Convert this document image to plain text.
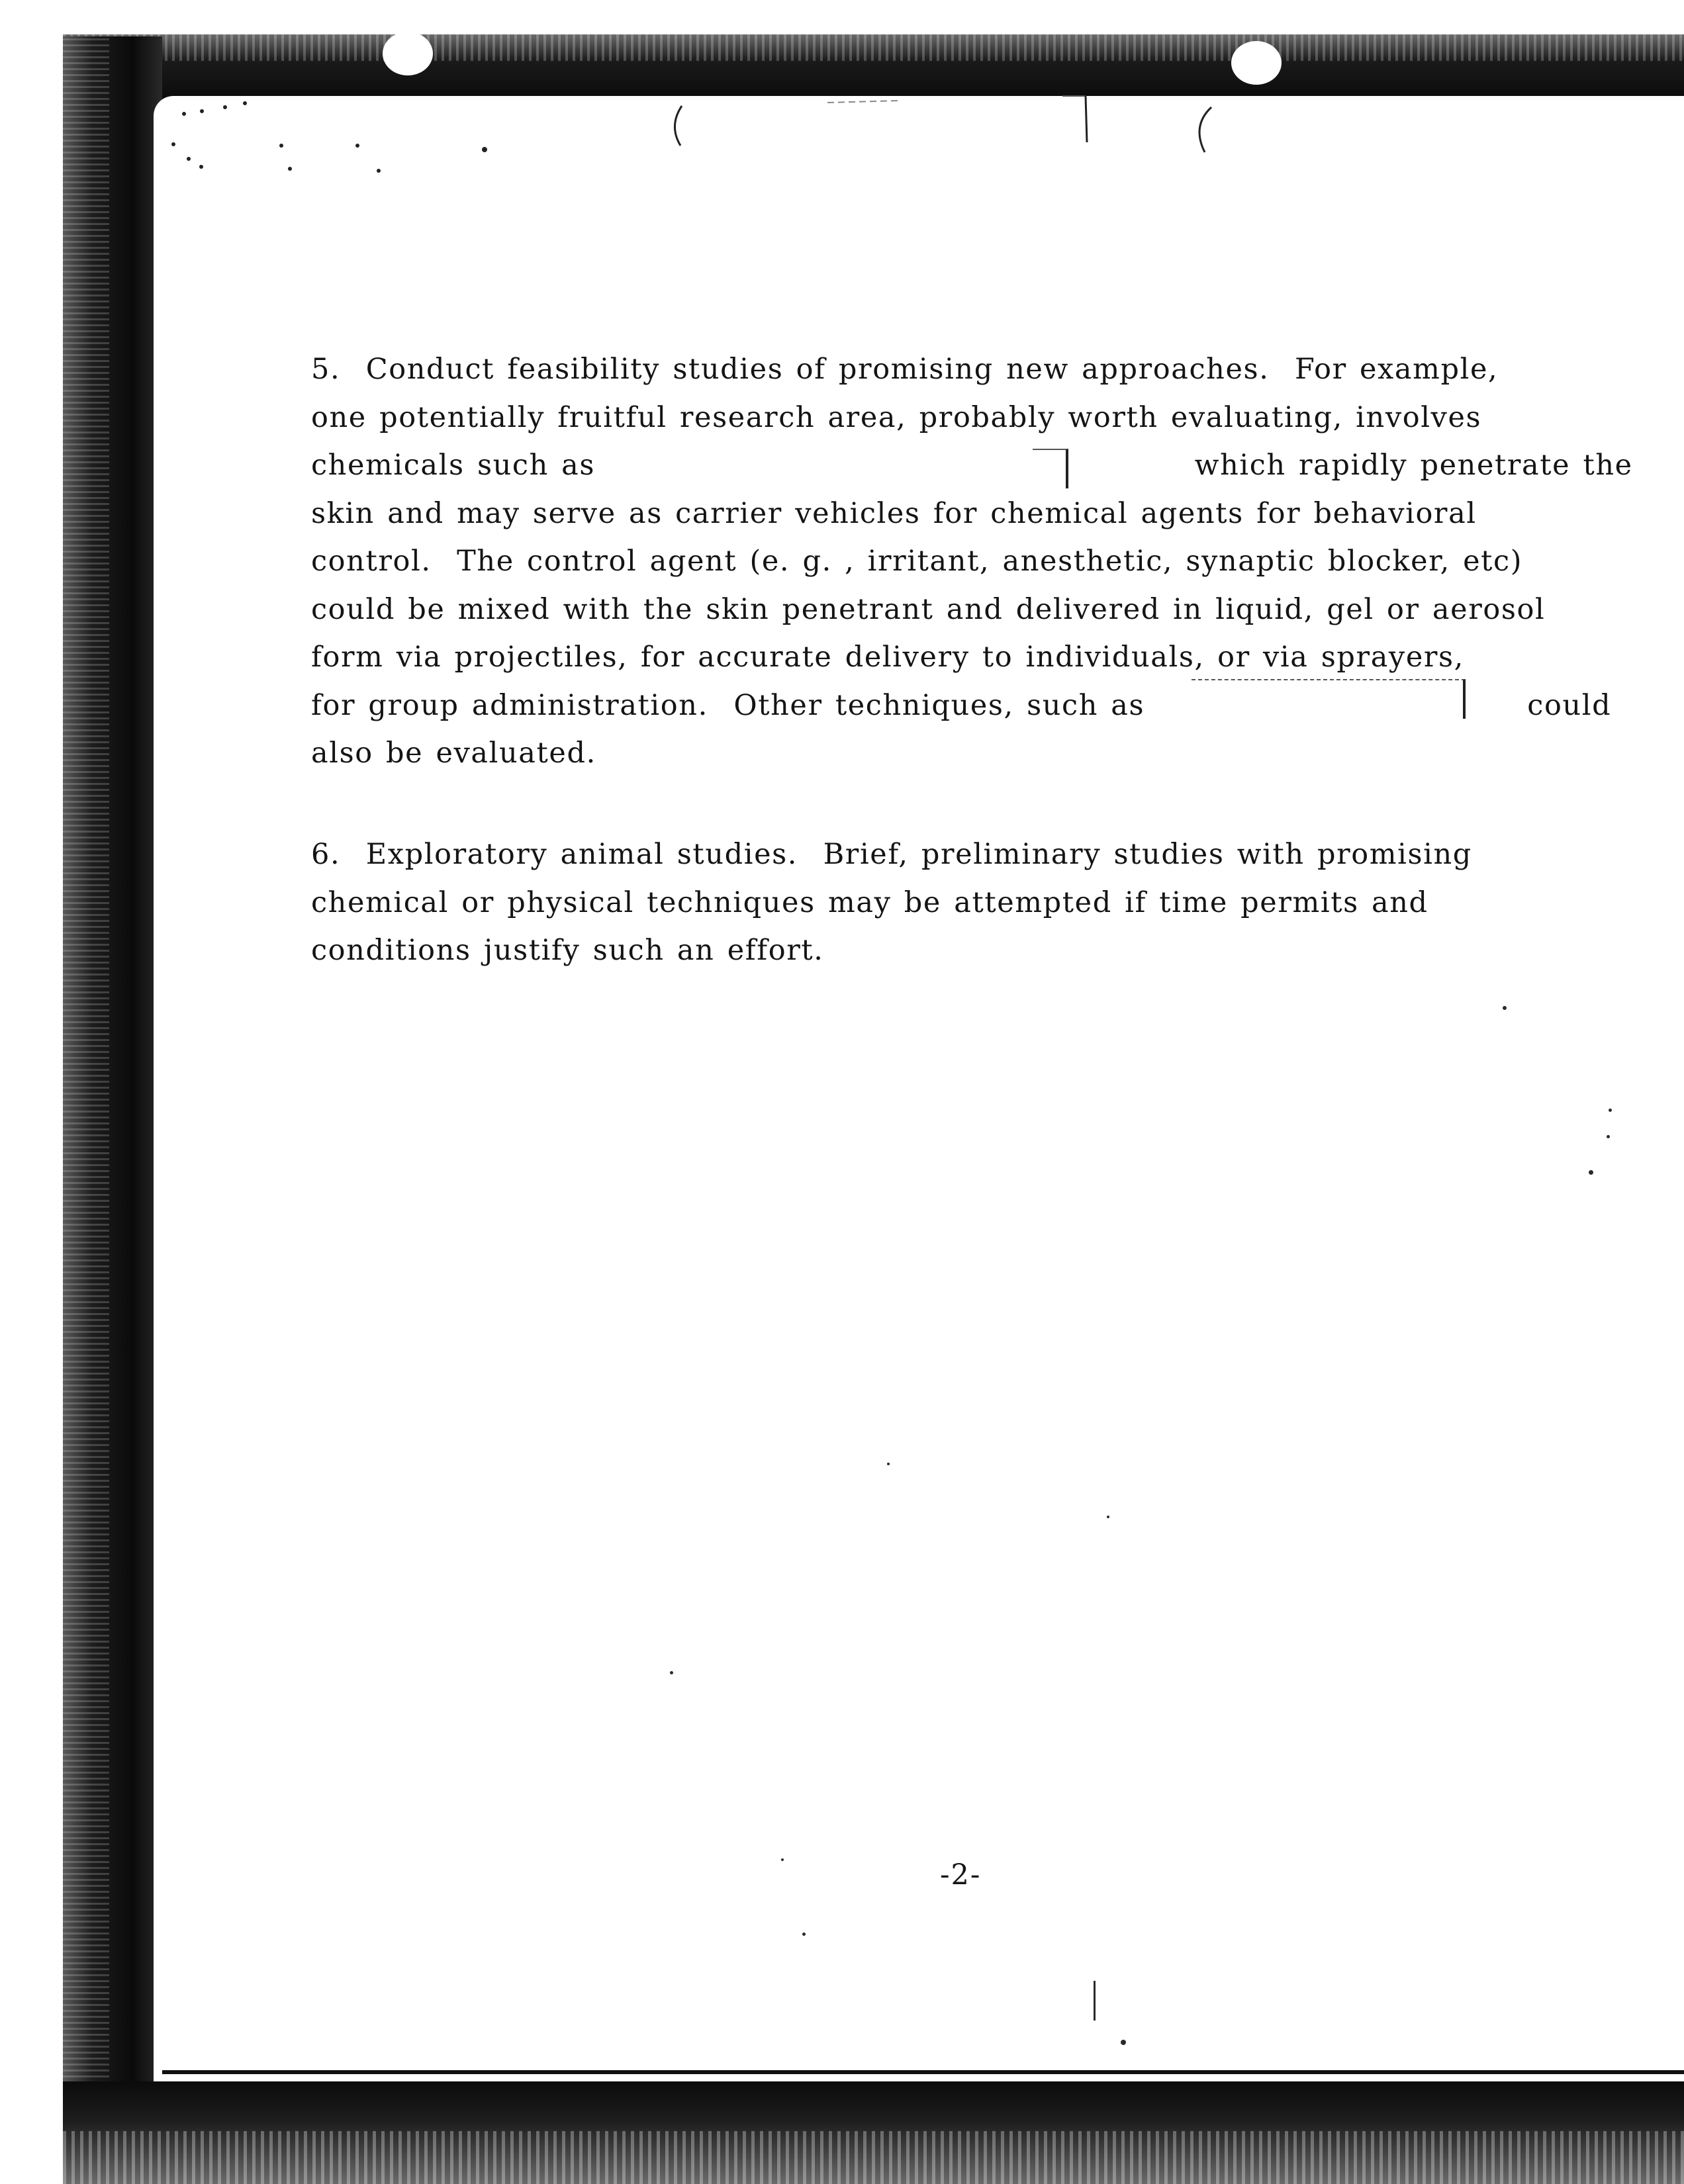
5.  Conduct feasibility studies of promising new approaches.  For example,

one potentially fruitful research area, probably worth evaluating, involves

chemicals such as                                               which rapidly penetrate the

skin and may serve as carrier vehicles for chemical agents for behavioral

control.  The control agent (e. g. , irritant, anesthetic, synaptic blocker, etc)

could be mixed with the skin penetrant and delivered in liquid, gel or aerosol

form via projectiles, for accurate delivery to individuals, or via sprayers,

for group administration.  Other techniques, such as                              could

also be evaluated.

6.  Exploratory animal studies.  Brief, preliminary studies with promising

chemical or physical techniques may be attempted if time permits and

conditions justify such an effort.

-2-
